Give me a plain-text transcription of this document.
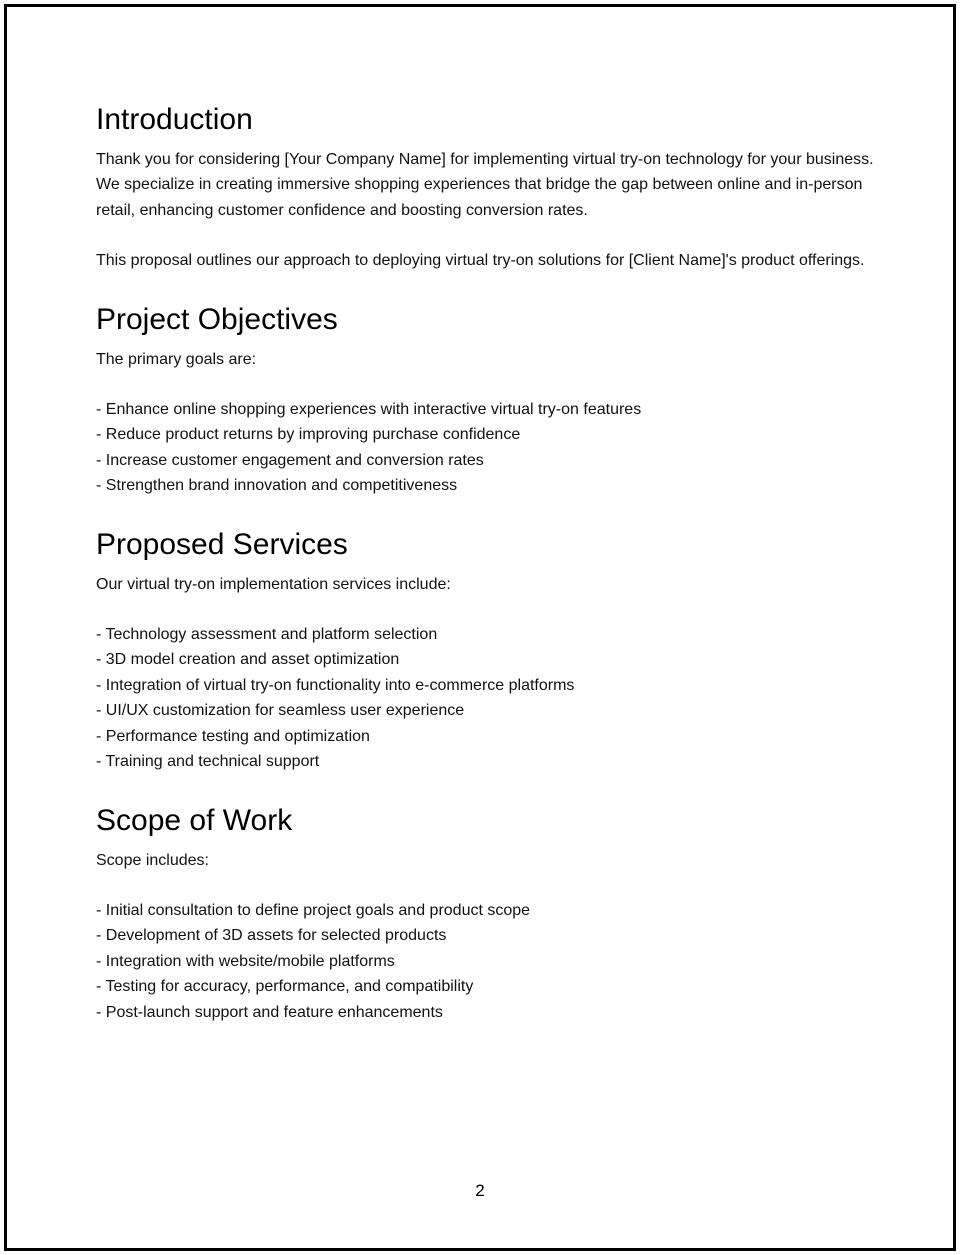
Introduction

Thank you for considering [Your Company Name] for implementing virtual try-on technology for your business. We specialize in creating immersive shopping experiences that bridge the gap between online and in-person retail, enhancing customer confidence and boosting conversion rates.

This proposal outlines our approach to deploying virtual try-on solutions for [Client Name]'s product offerings.

Project Objectives

The primary goals are:

- Enhance online shopping experiences with interactive virtual try-on features
- Reduce product returns by improving purchase confidence
- Increase customer engagement and conversion rates
- Strengthen brand innovation and competitiveness
Proposed Services

Our virtual try-on implementation services include:

- Technology assessment and platform selection
- 3D model creation and asset optimization
- Integration of virtual try-on functionality into e-commerce platforms
- UI/UX customization for seamless user experience
- Performance testing and optimization
- Training and technical support
Scope of Work

Scope includes:

- Initial consultation to define project goals and product scope
- Development of 3D assets for selected products
- Integration with website/mobile platforms
- Testing for accuracy, performance, and compatibility
- Post-launch support and feature enhancements
2
